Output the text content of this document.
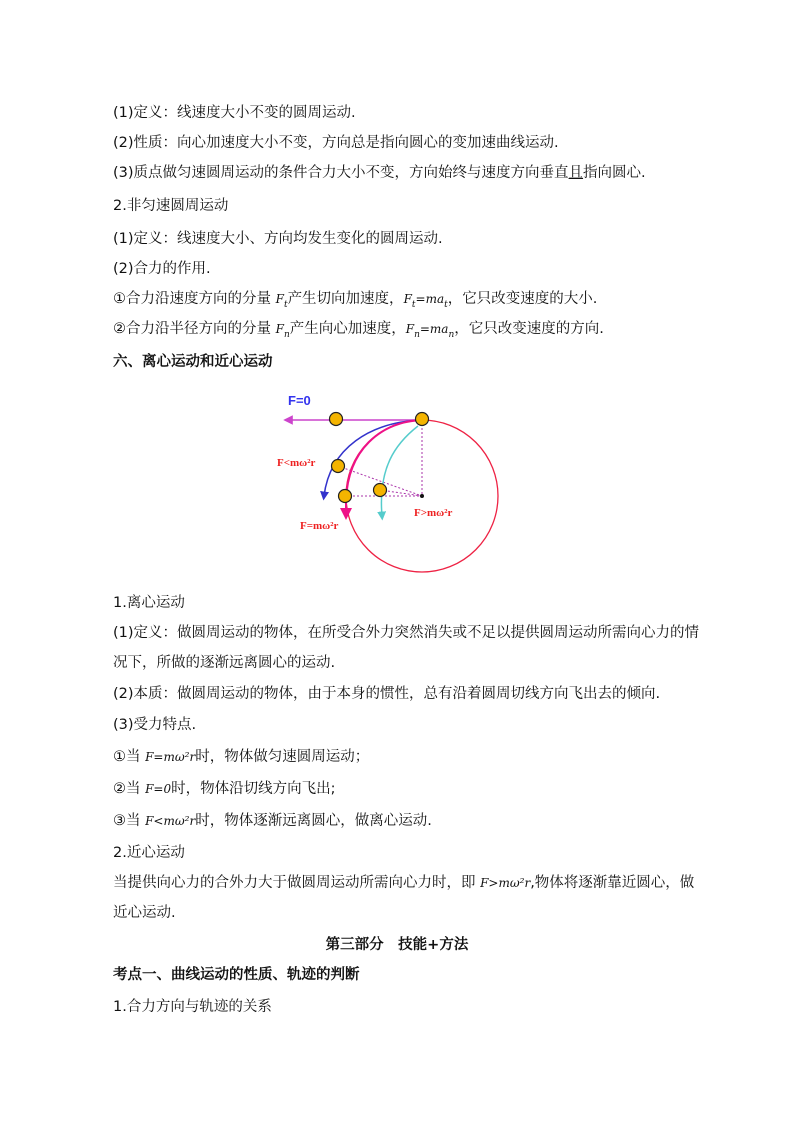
(1)定义：线速度大小不变的圆周运动.
(2)性质：向心加速度大小不变，方向总是指向圆心的变加速曲线运动.
(3)质点做匀速圆周运动的条件合力大小不变，方向始终与速度方向垂直且指向圆心.
2.非匀速圆周运动
(1)定义：线速度大小、方向均发生变化的圆周运动.
(2)合力的作用.
①合力沿速度方向的分量 $F_t$产生切向加速度，$F_t=ma_t$，它只改变速度的大小.
②合力沿半径方向的分量 $F_n$产生向心加速度，$F_n=ma_n$，它只改变速度的方向.
六、离心运动和近心运动
F=0
F<mω²r
F=mω²r
F>mω²r
1.离心运动
(1)定义：做圆周运动的物体，在所受合外力突然消失或不足以提供圆周运动所需向心力的情
况下，所做的逐渐远离圆心的运动.
(2)本质：做圆周运动的物体，由于本身的惯性，总有沿着圆周切线方向飞出去的倾向.
(3)受力特点.
①当 F=mω²r时，物体做匀速圆周运动；
②当 F=0时，物体沿切线方向飞出;
③当 F<mω²r时，物体逐渐远离圆心，做离心运动.
2.近心运动
当提供向心力的合外力大于做圆周运动所需向心力时，即 F>mω²r,物体将逐渐靠近圆心，做
近心运动.
第三部分　技能+方法
考点一、曲线运动的性质、轨迹的判断
1.合力方向与轨迹的关系
